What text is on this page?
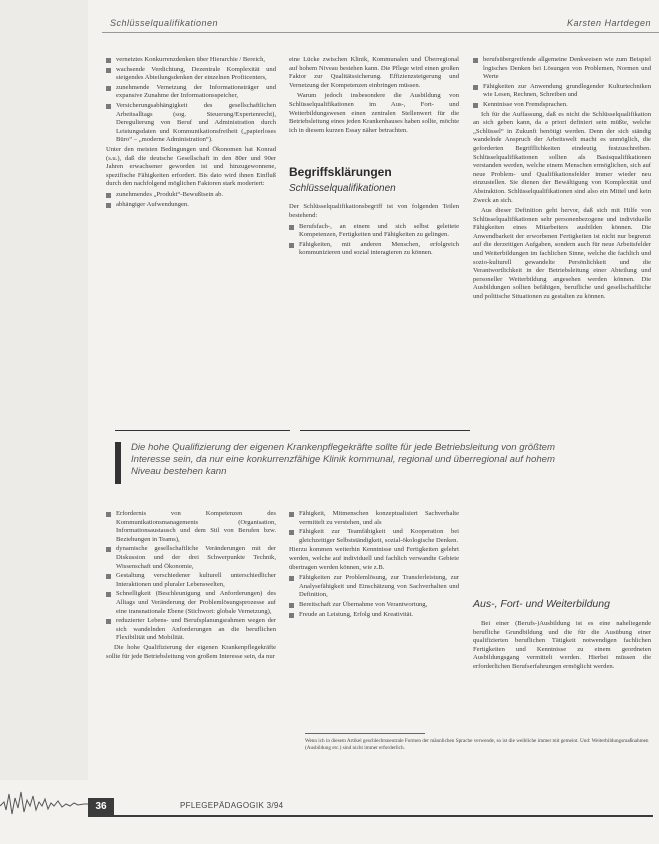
Schlüsselqualifikationen	Karsten Hartdegen
vernetztes Konkurrenzdenken über Hierarchie / Bereich,
wachsende Verdichtung, Dezentrale Komplexität und steigendes Abteilungsdenken der einzelnen Profitcenters,
zunehmende Vernetzung der Informationsträger und expansive Zunahme der Informationsspeicher,
Versicherungsabhängigkeit des gesellschaftlichen Arbeitsalltags (sog. Steuerung/Expertenrecht), Deregulierung von Beruf und Administration durch Leistungsdaten und Kommunikationsfreiheit („papierloses Büro“ – „moderne Administration“).

Unter den meisten Bedingungen und Ökonomen hat Konrad (s.u.), daß die deutsche Gesellschaft in den 80er und 90er Jahren erwachsener geworden ist und hinzugewonnene, spezifische Fähigkeiten erfordert. Bis dato wird ihnen Einfluß durch den nachfolgend möglichen Faktoren stark moderiert:

zunehmendes „Produkt“-Bewußtsein ab.
abhängiger Aufwendungen.

eine Lücke zwischen Klinik, Kommunalen und Überregional auf hohem Niveau bestehen kann. Die Pflege wird einen großen Faktor zur Qualitätssicherung. Effizienzsteigerung und Vernetzung der Kompetenzen einbringen müssen.

Warum jedoch insbesondere die Ausbildung von Schlüsselqualifikationen im Aus-, Fort- und Weiterbildungswesen einen zentralen Stellenwert für die Betriebsleitung eines jeden Krankenhauses haben sollte, möchte ich in diesem kurzen Essay näher betrachten.

Begriffsklärungen
Schlüsselqualifikationen

Der Schlüsselqualifikationsbegriff ist von folgenden Teilen bestehend:

Berufsfach-, an einem und sich selbst geleitete Kompetenzen, Fertigkeiten und Fähigkeiten zu gelingen.
Fähigkeiten, mit anderen Menschen, erfolgreich kommunizieren und sozial interagieren zu können.
berufsübergreifende allgemeine Denkweisen wie zum Beispiel logisches Denken bei Lösungen von Problemen, Normen und Werte
Fähigkeiten zur Anwendung grundlegender Kulturtechniken wie Lesen, Rechnen, Schreiben und
Kenntnisse von Fremdsprachen.

Ich für die Auffassung, daß es nicht die Schlüsselqualifikation an sich geben kann, da a priori definiert sein müßte, welche „Schlüssel“ in Zukunft benötigt werden. Denn der sich ständig wandelnde Anspruch der Arbeitswelt macht es unmöglich, die geforderten Begrifflichkeiten eindeutig festzuschreiben. Schlüsselqualifikationen sollten als Basisqualifikationen verstanden werden, welche einem Menschen ermöglichen, sich auf neue Problem- und Qualifikationsfelder immer wieder neu einzustellen. Sie dienen der Bewältigung von Komplexität und Abstraktion. Schlüsselqualifikationen sind also ein Mittel und kein Zweck an sich.

Aus dieser Definition geht hervor, daß sich mit Hilfe von Schlüsselqualifikationen sehr personenbezogene und individuelle Fähigkeiten eines Mitarbeiters ausbilden können. Die Anwendbarkeit der erworbenen Fertigkeiten ist nicht nur begrenzt auf die derzeitigen Aufgaben, sondern auch für neue Arbeitsfelder und Weiterbildungen im fachlichen Sinne, welche die fachlich und sozio-kulturell gewandelte Persönlichkeit und die Verantwortlichkeit in der Betriebsleitung einer Abteilung und personeller Weiterbildung angesehen werden können. Die Ausbildungen sollten befähigen, berufliche und gesellschaftliche und politische Situationen zu gestalten zu können.

Die hohe Qualifizierung der eigenen Krankenpflegekräfte sollte für jede Betriebsleitung von größtem Interesse sein, da nur eine konkurrenzfähige Klinik kommunal, regional und überregional auf hohem Niveau bestehen kann
Erfordernis von Kompetenzen des Kommunikationsmanagements (Organisation, Informationsaustausch und dem Stil von Berufen bzw. Beziehungen in Teams),
dynamische gesellschaftliche Veränderungen mit der Diskussion und der drei Schwerpunkte Technik, Wissenschaft und Ökonomie,
Gestaltung verschiedener kulturell unterschiedlicher Interaktionen und pluraler Lebenswelten,
Schnelligkeit (Beschleunigung und Anforderungen) des Alltags und Veränderung der Problemlösungsprozesse auf eine transnationale Ebene (Stichwort: globale Vernetzung),
reduzierter Lebens- und Berufsplanungsrahmen wegen der sich wandelnden Anforderungen an die beruflichen Flexibilität und Mobilität.

Die hohe Qualifizierung der eigenen Krankenpflegekräfte sollte für jede Betriebsleitung von großem Interesse sein, da nur

Fähigkeit, Mitmenschen konzeptualisiert Sachverhalte vermittelt zu verstehen, und als
Fähigkeit zur Teamfähigkeit und Kooperation bei gleichzeitiger Selbstständigkeit, sozial-ökologische Denken.

Hierzu kommen weiterhin Kenntnisse und Fertigkeiten gelehrt werden, welche auf individuell und fachlich verwandte Gebiete übertragen werden können, wie z.B.

Fähigkeiten zur Problemlösung, zur Transferleistung, zur Analysefähigkeit und Einschätzung von Sachverhalten und Definition,
Bereitschaft zur Übernahme von Verantwortung,
Freude an Leistung, Erfolg und Kreativität.
Aus-, Fort- und Weiterbildung

Bei einer (Berufs-)Ausbildung ist es eine naheliegende berufliche Grundbildung und die für die Ausübung einer qualifizierten beruflichen Tätigkeit notwendigen fachlichen Fertigkeiten und Kenntnisse zu einem geordneten Ausbildungsgang vermittelt werden. Hierbei müssen die erforderlichen Berufserfahrungen ermöglicht werden.

Wenn ich in diesem Artikel geschlechtsneutrale Formen der männlichen Sprache verwende, so ist die weibliche immer mit gemeint. Und: Weiterbildungsmaßnahmen (Ausbildung etc.) sind nicht immer erforderlich.
36	PFLEGEPÄDAGOGIK 3/94
